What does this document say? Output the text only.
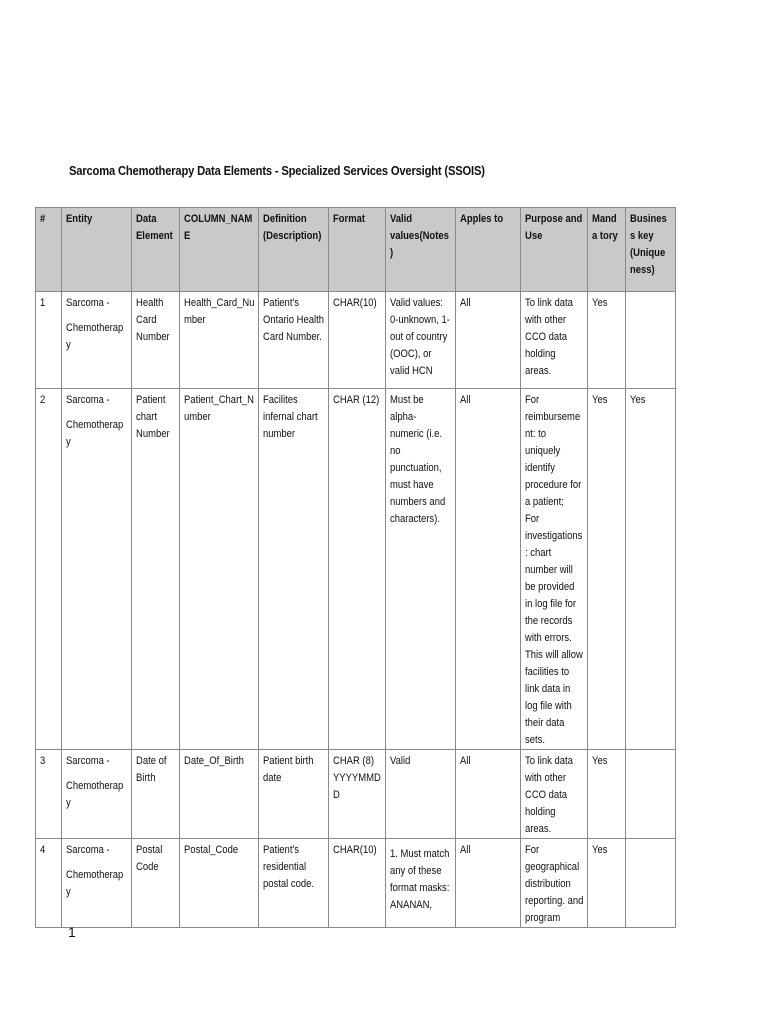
Sarcoma Chemotherapy Data Elements - Specialized Services Oversight (SSOIS)
#	Entity	Data Element	COLUMN_NAM E	Definition (Description)	Format	Valid values(Notes)	Apples to	Purpose and Use	Manda tory	Busines s key (Unique ness)

1	Sarcoma -
Chemotherapy	Health Card Number	Health_Card_Nu mber	Patient's Ontario Health Card Number.	CHAR(10)	Valid values: 0-unknown, 1- out of country (OOC), or valid HCN	All	To link data with other CCO data holding areas.	Yes	

2	Sarcoma -
Chemotherapy	Patient chart Number	Patient_Chart_N umber	Facilites infernal chart number	CHAR (12)	Must be alpha- numeric (i.e. no punctuation, must have numbers and characters).	All	For reimburseme nt: to uniquely identify procedure for a patient;
For investigations : chart number will be provided in log file for the records with errors. This will allow facilities to link data in log file with their data sets.	Yes	Yes

3	Sarcoma -
Chemotherapy	Date of Birth	Date_Of_Birth	Patient birth date	CHAR (8) YYYYMMD D	Valid	All	To link data with other CCO data holding areas.	Yes	

4	Sarcoma -
Chemotherapy	Postal Code	Postal_Code	Patient's residential postal code.	CHAR(10)	1. Must match any of these format masks: ANANAN,	All	For geographical distribution reporting. and program	Yes	

1
